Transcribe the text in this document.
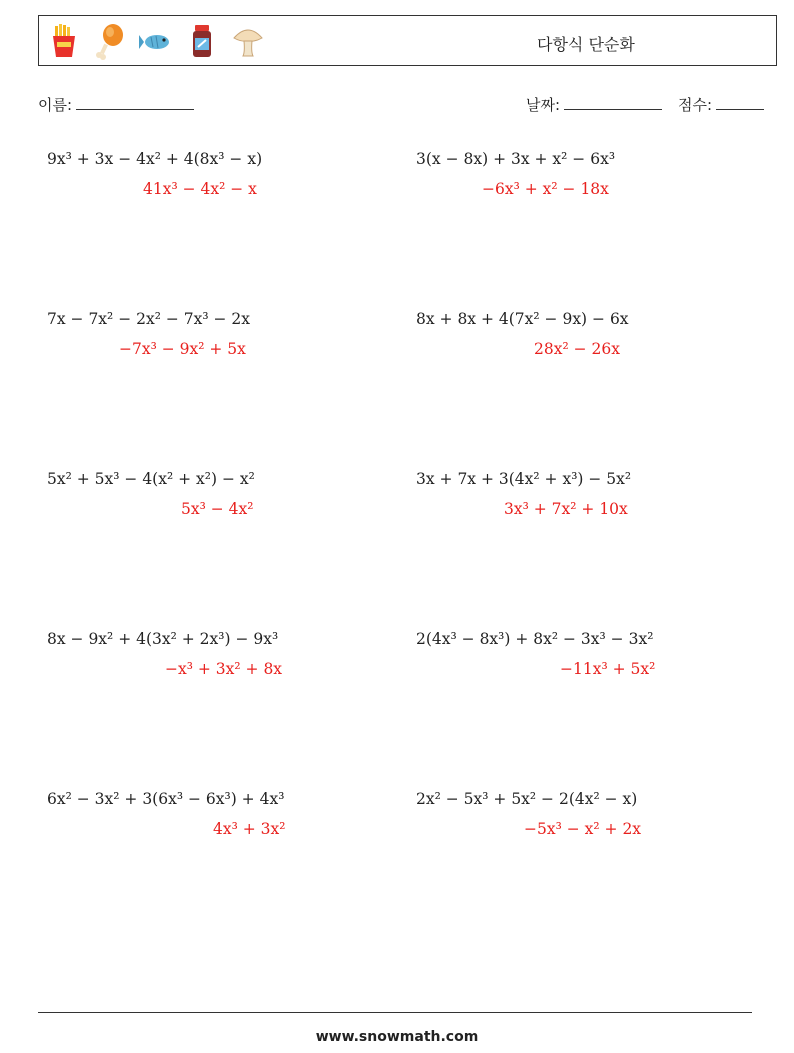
다항식 단순화
이름:	날짜:	점수:
9x³ + 3x − 4x² + 4(8x³ − x)
41x³ − 4x² − x
3(x − 8x) + 3x + x² − 6x³
−6x³ + x² − 18x
7x − 7x² − 2x² − 7x³ − 2x
−7x³ − 9x² + 5x
8x + 8x + 4(7x² − 9x) − 6x
28x² − 26x
5x² + 5x³ − 4(x² + x²) − x²
5x³ − 4x²
3x + 7x + 3(4x² + x³) − 5x²
3x³ + 7x² + 10x
8x − 9x² + 4(3x² + 2x³) − 9x³
−x³ + 3x² + 8x
2(4x³ − 8x³) + 8x² − 3x³ − 3x²
−11x³ + 5x²
6x² − 3x² + 3(6x³ − 6x³) + 4x³
4x³ + 3x²
2x² − 5x³ + 5x² − 2(4x² − x)
−5x³ − x² + 2x
www.snowmath.com
